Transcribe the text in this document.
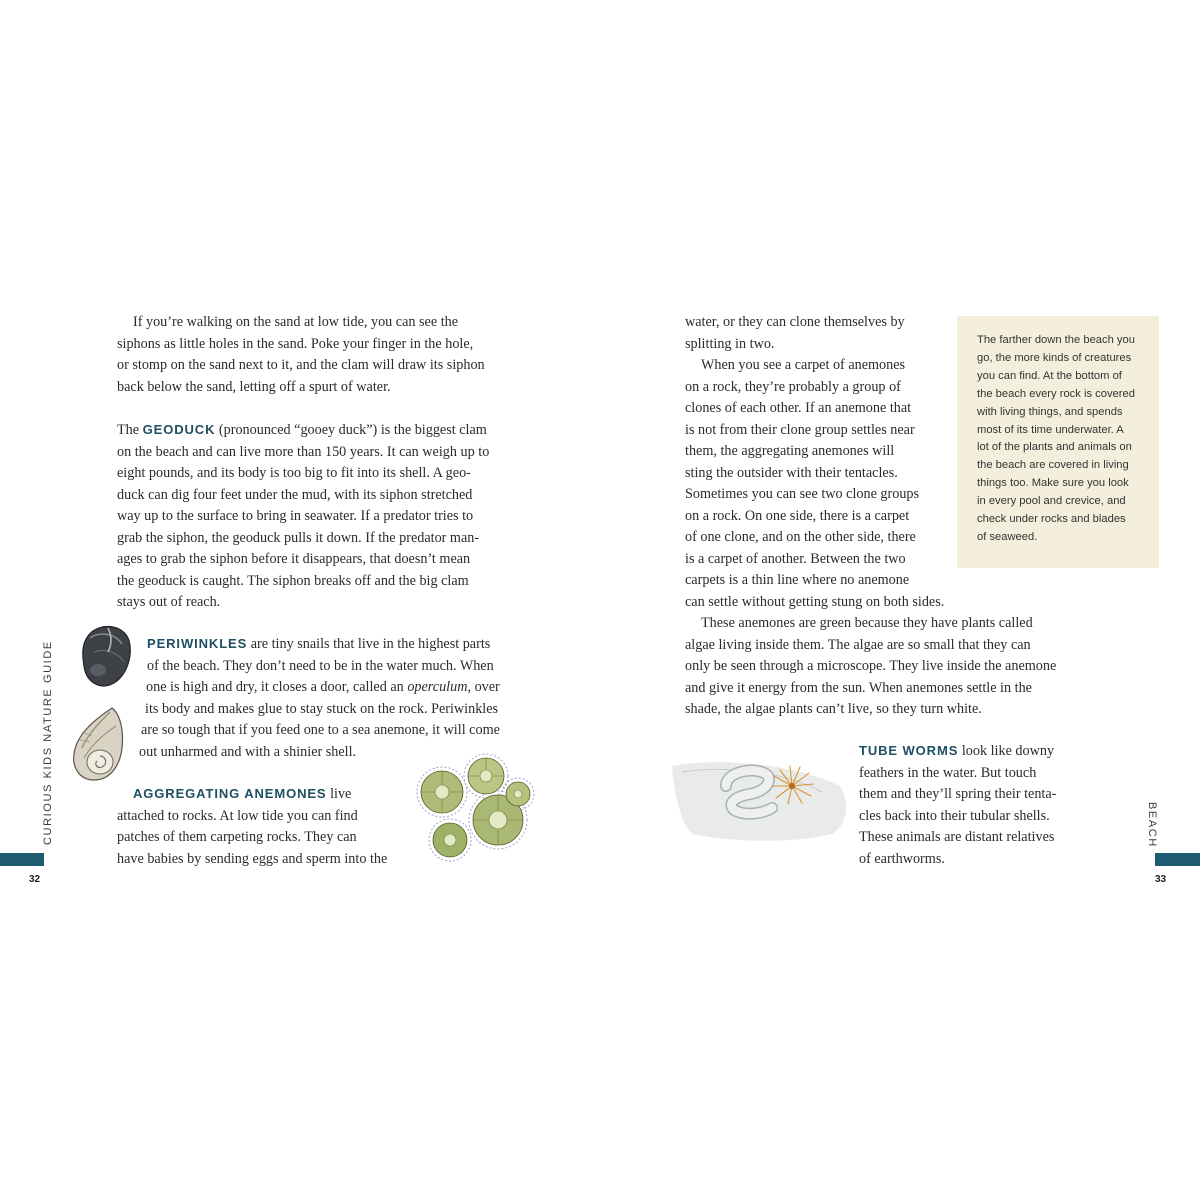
If you’re walking on the sand at low tide, you can see the
siphons as little holes in the sand. Poke your finger in the hole,
or stomp on the sand next to it, and the clam will draw its siphon
back below the sand, letting off a spurt of water.

The GEODUCK (pronounced “gooey duck”) is the biggest clam
on the beach and can live more than 150 years. It can weigh up to
eight pounds, and its body is too big to fit into its shell. A geo-
duck can dig four feet under the mud, with its siphon stretched
way up to the surface to bring in seawater. If a predator tries to
grab the siphon, the geoduck pulls it down. If the predator man-
ages to grab the siphon before it disappears, that doesn’t mean
the geoduck is caught. The siphon breaks off and the big clam
stays out of reach.

PERIWINKLES are tiny snails that live in the highest parts
of the beach. They don’t need to be in the water much. When
one is high and dry, it closes a door, called an operculum, over
its body and makes glue to stay stuck on the rock. Periwinkles
are so tough that if you feed one to a sea anemone, it will come
out unharmed and with a shinier shell.

AGGREGATING ANEMONES live
attached to rocks. At low tide you can find
patches of them carpeting rocks. They can
have babies by sending eggs and sperm into the

CURIOUS KIDS NATURE GUIDE
32

water, or they can clone themselves by
splitting in two.
When you see a carpet of anemones
on a rock, they’re probably a group of
clones of each other. If an anemone that
is not from their clone group settles near
them, the aggregating anemones will
sting the outsider with their tentacles.
Sometimes you can see two clone groups
on a rock. On one side, there is a carpet
of one clone, and on the other side, there
is a carpet of another. Between the two
carpets is a thin line where no anemone
can settle without getting stung on both sides.
These anemones are green because they have plants called
algae living inside them. The algae are so small that they can
only be seen through a microscope. They live inside the anemone
and give it energy from the sun. When anemones settle in the
shade, the algae plants can’t live, so they turn white.

The farther down the beach you
go, the more kinds of creatures
you can find. At the bottom of
the beach every rock is covered
with living things, and spends
most of its time underwater. A
lot of the plants and animals on
the beach are covered in living
things too. Make sure you look
in every pool and crevice, and
check under rocks and blades
of seaweed.

TUBE WORMS look like downy
feathers in the water. But touch
them and they’ll spring their tenta-
cles back into their tubular shells.
These animals are distant relatives
of earthworms.

BEACH
33
